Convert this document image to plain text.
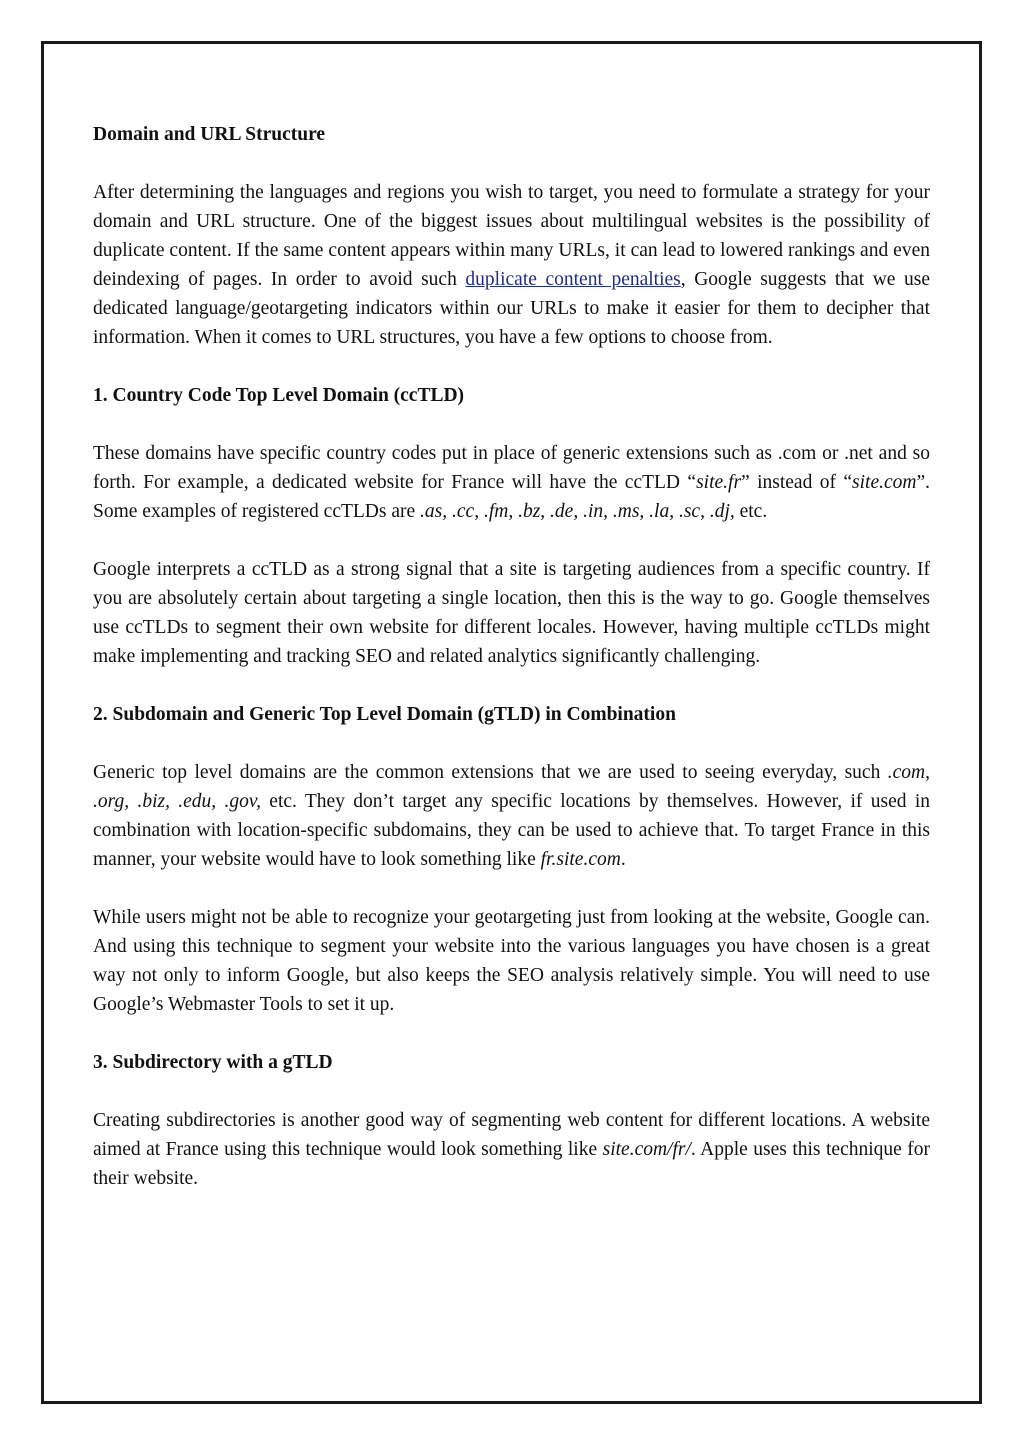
Domain and URL Structure

After determining the languages and regions you wish to target, you need to formulate a strategy for your domain and URL structure. One of the biggest issues about multilingual websites is the possibility of duplicate content. If the same content appears within many URLs, it can lead to lowered rankings and even deindexing of pages. In order to avoid such duplicate content penalties, Google suggests that we use dedicated language/geotargeting indicators within our URLs to make it easier for them to decipher that information. When it comes to URL structures, you have a few options to choose from.

1. Country Code Top Level Domain (ccTLD)

These domains have specific country codes put in place of generic extensions such as .com or .net and so forth. For example, a dedicated website for France will have the ccTLD “site.fr” instead of “site.com”. Some examples of registered ccTLDs are .as, .cc, .fm, .bz, .de, .in, .ms, .la, .sc, .dj, etc.

Google interprets a ccTLD as a strong signal that a site is targeting audiences from a specific country. If you are absolutely certain about targeting a single location, then this is the way to go. Google themselves use ccTLDs to segment their own website for different locales. However, having multiple ccTLDs might make implementing and tracking SEO and related analytics significantly challenging.

2. Subdomain and Generic Top Level Domain (gTLD) in Combination

Generic top level domains are the common extensions that we are used to seeing everyday, such .com, .org, .biz, .edu, .gov, etc. They don’t target any specific locations by themselves. However, if used in combination with location-specific subdomains, they can be used to achieve that. To target France in this manner, your website would have to look something like fr.site.com.

While users might not be able to recognize your geotargeting just from looking at the website, Google can. And using this technique to segment your website into the various languages you have chosen is a great way not only to inform Google, but also keeps the SEO analysis relatively simple. You will need to use Google’s Webmaster Tools to set it up.

3. Subdirectory with a gTLD

Creating subdirectories is another good way of segmenting web content for different locations. A website aimed at France using this technique would look something like site.com/fr/. Apple uses this technique for their website.
